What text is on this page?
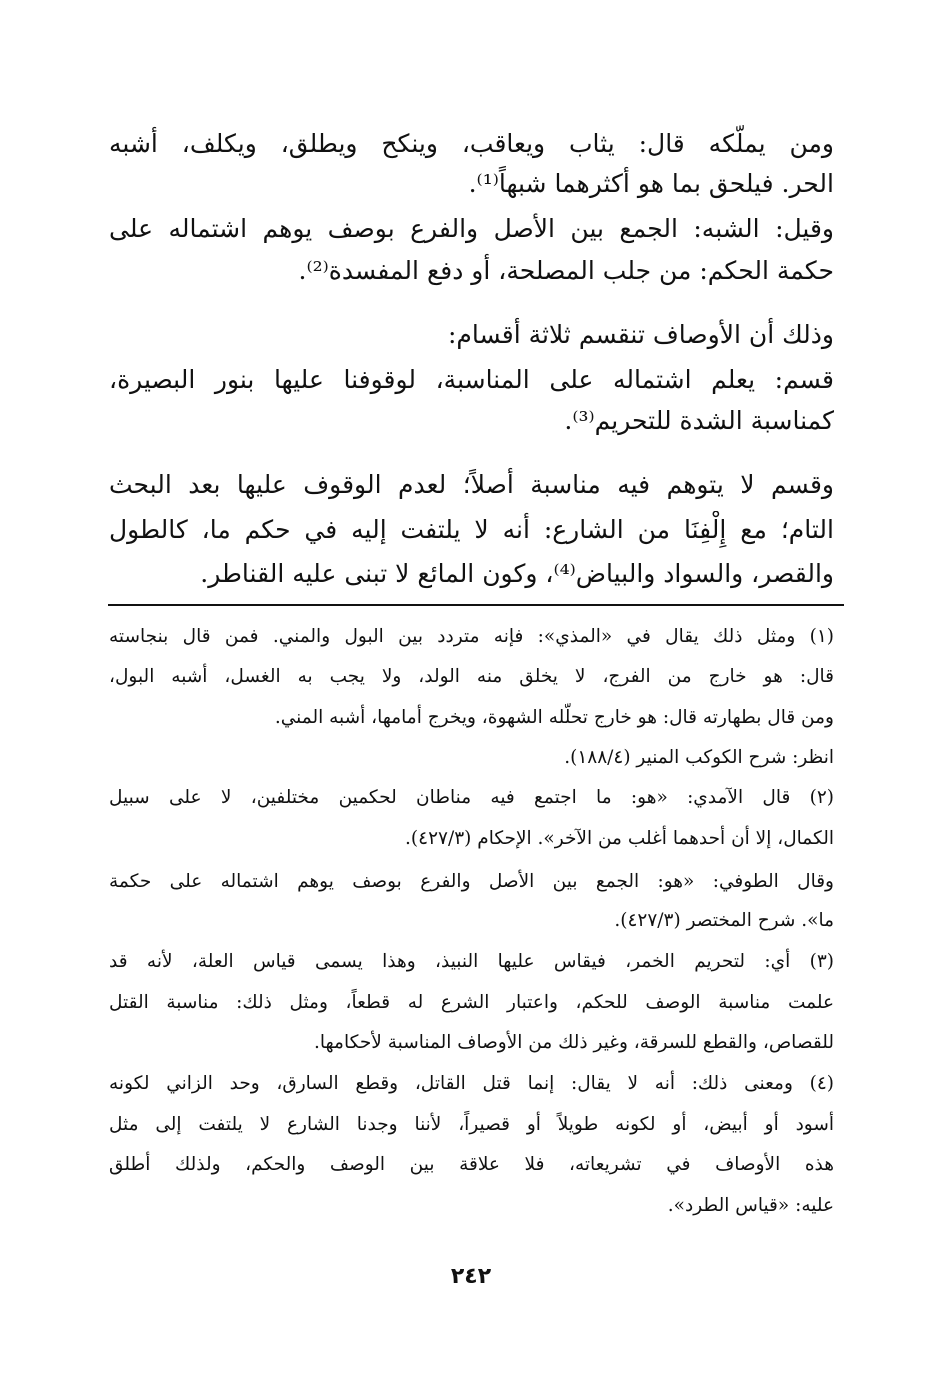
ومن يملّكه قال: يثاب ويعاقب، وينكح ويطلق، ويكلف، أشبه
الحر. فيلحق بما هو أكثرهما شبهاً⁽¹⁾.
وقيل: الشبه: الجمع بين الأصل والفرع بوصف يوهم اشتماله على
حكمة الحكم: من جلب المصلحة، أو دفع المفسدة⁽²⁾.
وذلك أن الأوصاف تنقسم ثلاثة أقسام:
قسم: يعلم اشتماله على المناسبة، لوقوفنا عليها بنور البصيرة،
كمناسبة الشدة للتحريم⁽³⁾.
وقسم لا يتوهم فيه مناسبة أصلاً؛ لعدم الوقوف عليها بعد البحث
التام؛ مع إِلْفِنَا من الشارع: أنه لا يلتفت إليه في حكم ما، كالطول
والقصر، والسواد والبياض⁽⁴⁾، وكون المائع لا تبنى عليه القناطر.
(١) ومثل ذلك يقال في «المذي»: فإنه متردد بين البول والمني. فمن قال بنجاسته
قال: هو خارج من الفرج، لا يخلق منه الولد، ولا يجب به الغسل، أشبه البول،
ومن قال بطهارته قال: هو خارج تحلّله الشهوة، ويخرج أمامها، أشبه المني.
انظر: شرح الكوكب المنير (١٨٨/٤).
(٢) قال الآمدي: «هو: ما اجتمع فيه مناطان لحكمين مختلفين، لا على سبيل
الكمال، إلا أن أحدهما أغلب من الآخر». الإحكام (٤٢٧/٣).
وقال الطوفي: «هو: الجمع بين الأصل والفرع بوصف يوهم اشتماله على حكمة
ما». شرح المختصر (٤٢٧/٣).
(٣) أي: لتحريم الخمر، فيقاس عليها النبيذ، وهذا يسمى قياس العلة، لأنه قد
علمت مناسبة الوصف للحكم، واعتبار الشرع له قطعاً، ومثل ذلك: مناسبة القتل
للقصاص، والقطع للسرقة، وغير ذلك من الأوصاف المناسبة لأحكامها.
(٤) ومعنى ذلك: أنه لا يقال: إنما قتل القاتل، وقطع السارق، وحد الزاني لكونه
أسود أو أبيض، أو لكونه طويلاً أو قصيراً، لأننا وجدنا الشارع لا يلتفت إلى مثل
هذه الأوصاف في تشريعاته، فلا علاقة بين الوصف والحكم، ولذلك أطلق
عليه: «قياس الطرد».
٢٤٢
